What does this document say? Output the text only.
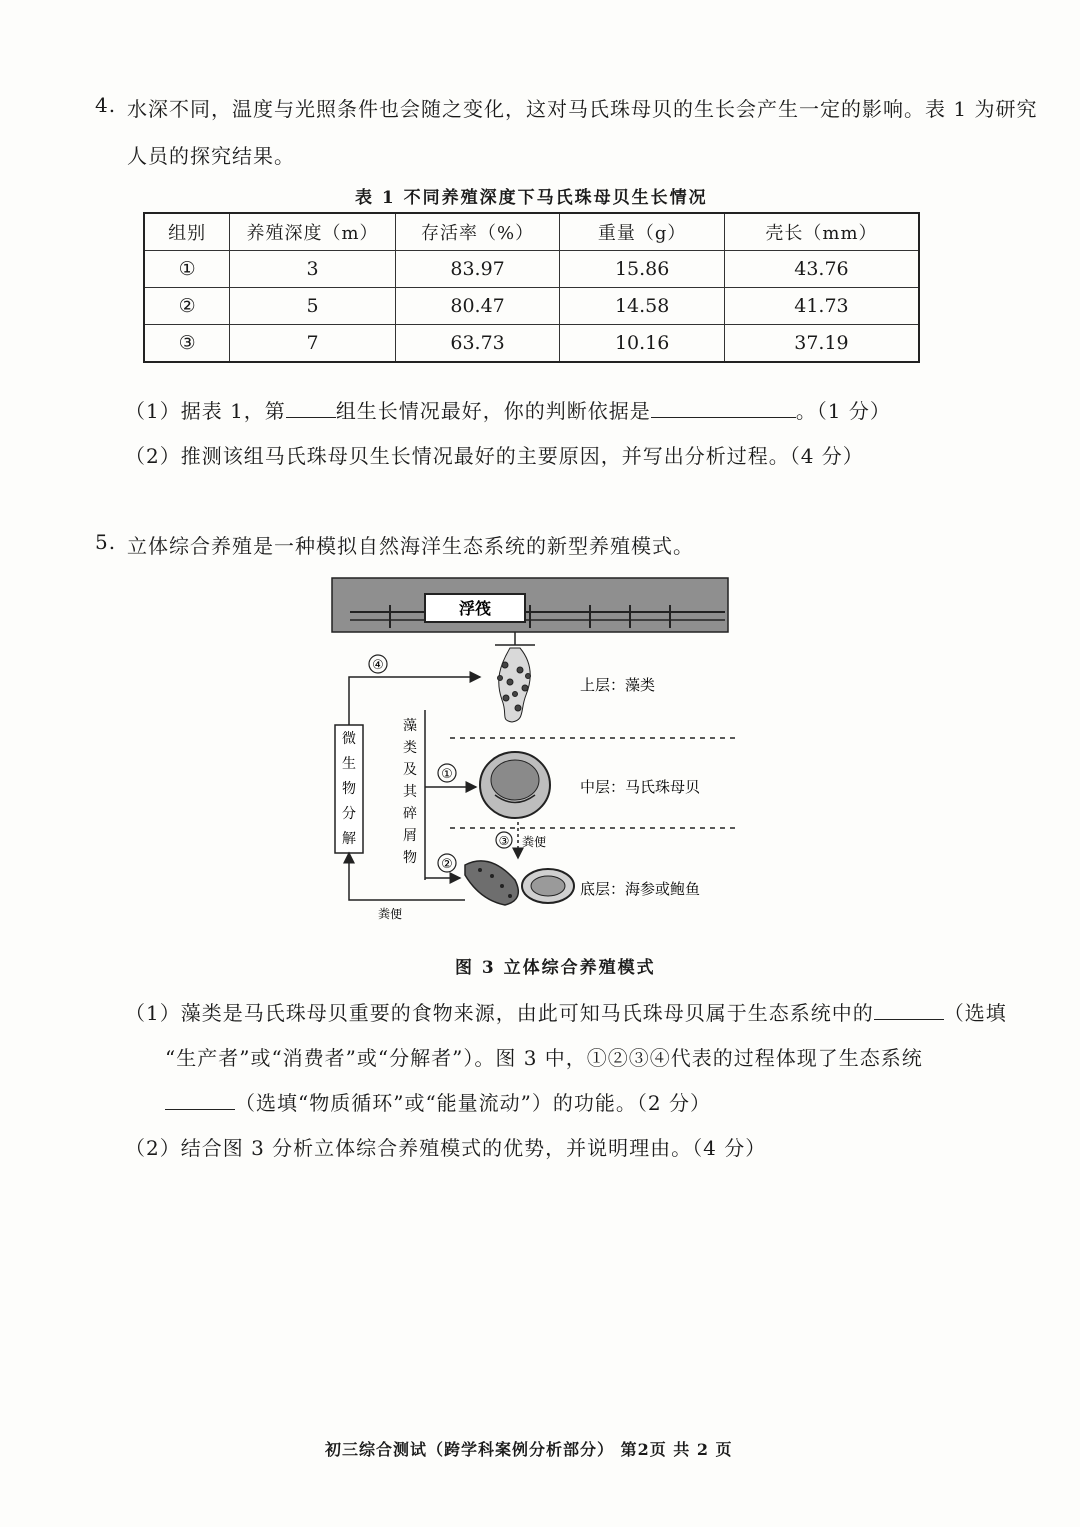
4. 水深不同，温度与光照条件也会随之变化，这对马氏珠母贝的生长会产生一定的影响。表 1 为研究
人员的探究结果。
表 1 不同养殖深度下马氏珠母贝生长情况
组别	养殖深度（m）	存活率（%）	重量（g）	壳长（mm）
①	3	83.97	15.86	43.76
②	5	80.47	14.58	41.73
③	7	63.73	10.16	37.19
（1）据表 1，第	组生长情况最好，你的判断依据是	。（1 分）
（2）推测该组马氏珠母贝生长情况最好的主要原因，并写出分析过程。（4 分）
5. 立体综合养殖是一种模拟自然海洋生态系统的新型养殖模式。
浮筏
上层：藻类
中层：马氏珠母贝
底层：海参或鲍鱼
③ 粪便
微
生
物
分
解
④
粪便
藻
类
及
其
碎
屑
物
①
②
图 3 立体综合养殖模式
（1）藻类是马氏珠母贝重要的食物来源，由此可知马氏珠母贝属于生态系统中的	（选填
“生产者”或“消费者”或“分解者”）。图 3 中，①②③④代表的过程体现了生态系统
（选填“物质循环”或“能量流动”）的功能。（2 分）
（2）结合图 3 分析立体综合养殖模式的优势，并说明理由。（4 分）
初三综合测试（跨学科案例分析部分） 第2页 共 2 页
